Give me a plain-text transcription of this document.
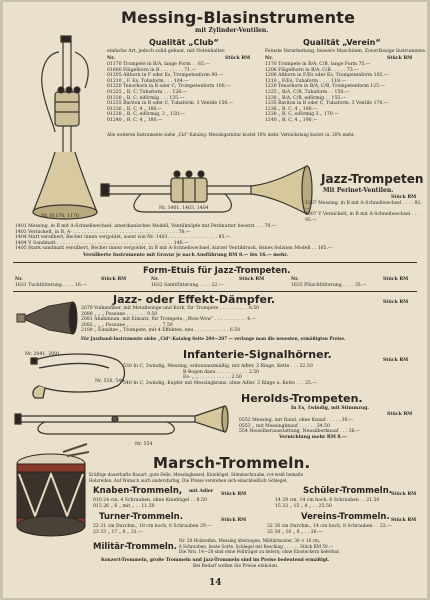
Messing-Blasinstrumente
mit Zylinder-Ventilen.
Nr. 01170, 1170
Qualität „Club“
einfache Art, jedoch solid gebaut, mit Notenhalter.
Nr.	Stück RM
01170 Trompete in B/A, lange Form . . 65.—
01600 Flügelhorn in B . . . . . . . . 71.—
01205 Althorn in F oder Es, Trompetenform 90.—
01210 „ F, Es, Tubaform . . . 104.—
01220 Tenorhorn in B oder C, Trompetenform 108.—
01225 „ B, C, Tubaform . . . 128.—
01230 „ B, C, eiförmig . . . 135.—
01235 Bariton in B oder C, Tubaform, 3 Ventile 150.—
01236 „ B, C, 4 „ 180.—
01238 „ B, C, eiförmig, 3 „ 150.—
01240 „ B, C, 4 „ 180.—
Qualität „Verein“
Feinste Verarbeitung, bessere Maschinen, Zuverlässige Instrumente.
Nr.	Stück RM
1170 Trompete in B/A, C/B, lange Form 75.—
1206 Flügelhorn in B/A, C/B . . . . . 73.—
1206 Althorn in F/Es oder Es, Trompetenform 102.—
1210 „ F/Es, Tubaform . . . . 118.—
1220 Tenorhorn in B/A, C/B, Trompetenform 125.—
1225 „ B/A, C/B, Tubaform . . 150.—
1230 „ B/A, C/B, eiförmig . . 155.—
1235 Bariton in B oder C, Tubaform, 3 Ventile 170.—
1236 „ B, C, 4 „ 190.—
1238 „ B, C, eiförmig 3 „ 170.—
1240 „ B, C, 4 „ 190.—
Alle weiteren Instrumente siehe „Cid“-Katalog. Messingarnitur kostet 10% mehr. Vernickelung kostet ca. 20% mehr.
Nr. 1401, 1403, 1404
Jazz-Trompeten
Mit Perinet-Ventilen.
Stück RM
1307 Messing, in B mit A-Schnellwechsel . . . . 92.—
1307 V Vernickelt, in B mit A-Schnellwechsel . . . 95.—
1401 Messing, in B mit A-Schnellwechsel, amerikanisches Modell, Ventilknöpfe mit Perlmutter besetzt . . . 70.—
1403 Vernickelt, in B, A- . . . . . . . . . . . . . . . . . . . . . . . . . . . . . . . . . . . . 78.—
1404 Matt versilbert, Becher innen vergoldet, sonst wie Nr. 1403 . . . . . . . . . . . . . . . . . 85.—
1404 V Sandmatt . . . . . . . . . . . . . . . . . . . . . . . . . . . . . . . . . . . . . . . . 140.—
1405 Stark sandmatt versilbert, Becher innen vergoldet, in B mit A-Schnellwechsel, kurzer Ventildruck, feines Solisten Modell . . 165.—
Versilberte Instrumente mit Gravur je nach Ausführung RM 8.— bis 16.— mehr.
Form-Etuis für Jazz-Trompeten.
Nr.	Stück RM	Nr.	Stück RM	Nr.	Stück RM
1631 Tuchfütterung . . . . 16.—	1632 Samtfütterung . . . . 22.—	1633 Plüschfütterung . . . . 35.—
Nr. 2081, 2091
Jazz- oder Effekt-Dämpfer.	Stück RM
2070 Vulkanfiber, mit Metallwinge und Kork, für Trompete . . . . . . . . . . 8.50
2080 „ „ „ Posaune . . . . . . . 9.50
2081 Aluminium, mit Einsatz, für Trompete, „Wow-Wow“ . . . . . . . . . . . 4.—
2082 „ „ „ Posaune „ . . . . . . . . . . . 7.50
2100 „ Einsätze „ Trompete, mit 4 Effekten, neu . . . . . . . . . . . . 6.50
Für Jazzband-Instrumente siehe „Cid“-Katalog Seite 204—207 — verlange man die neuesten, ermäßigten Preise.
Nr. 530, 540
Infanterie-Signalhörner.	Stück RM
530 In C, 2windig, Messing, ordonnanzmäßig, mit Adler, 2 Ringe, Kette . . . 22.50
B-Bogen dazu . . . . . . . . . . . 2.50
Es- „ „ . . . . . . . . . . . 2.50
540 In C, 2windig, Kupfer mit Messingkranz, ohne Adler, 2 Ringe u. Kette . . . 25.—
Herolds-Trompeten.
In Es, 1windig, mit Stimmzug.
Nr. 554
Stück RM
0552 Messing, mit Rand, ohne Knauf . . . . . 30.—
0553 „ mit Messingknauf . . . . . . 34.50
554 Neusilberausstattung, Neusilberknauf . . . 36.—
Vernicklung mehr RM 8.—
Marsch-Trommeln.
Kräftige dauerhafte Bauart, gute Felle, Messingkessel, Kniebügel, Stimmschraube, rot-weiß bemalte
Holzreifen. Auf Wunsch auch andersfarbig. Die Preise verstehen sich einschließlich Schlegel.
Knaben-Trommeln, mit Adler
Stück RM
010 24 cm, 4 Schrauben, ohne Kniebügel . . 8.50
013 26 „ 6 „ mit „ . . 11.50
Schüler-Trommeln. Stück RM
14 29 cm, 14 cm hoch, 6 Schrauben . . 21.50
15 33 „ 15 „ 8 „ . . 25.50
Turner-Trommeln.	Stück RM
22 31 cm Durchm., 18 cm hoch, 6 Schrauben 29.—
23 33 „ 17 „ 8 „ 31.—
Vereins-Trommeln. Stück RM
32 36 cm Durchm., 14 cm hoch, 8 Schrauben . . 33.—
33 38 „ 16 „ 8 „ . . 36.—
Militär-Trommeln.
Nr. 28 Holzreifen, Messing überzogen, Militärmuster, 38 × 18 cm,
8 Schrauben, beste Sorte, Schlegel mit Beschlag . . . . . . Stück RM 50.—
Die Nrn. 14—28 sind ohne Fellträger zu liefern; ohne Einsteckern lieferbar.
Konzert-Trommeln, große Trommeln und Jazz-Trommeln sind im Preise bedeutend ermäßigt.
Bei Bedarf wollen Sie Preise einholen.
14
